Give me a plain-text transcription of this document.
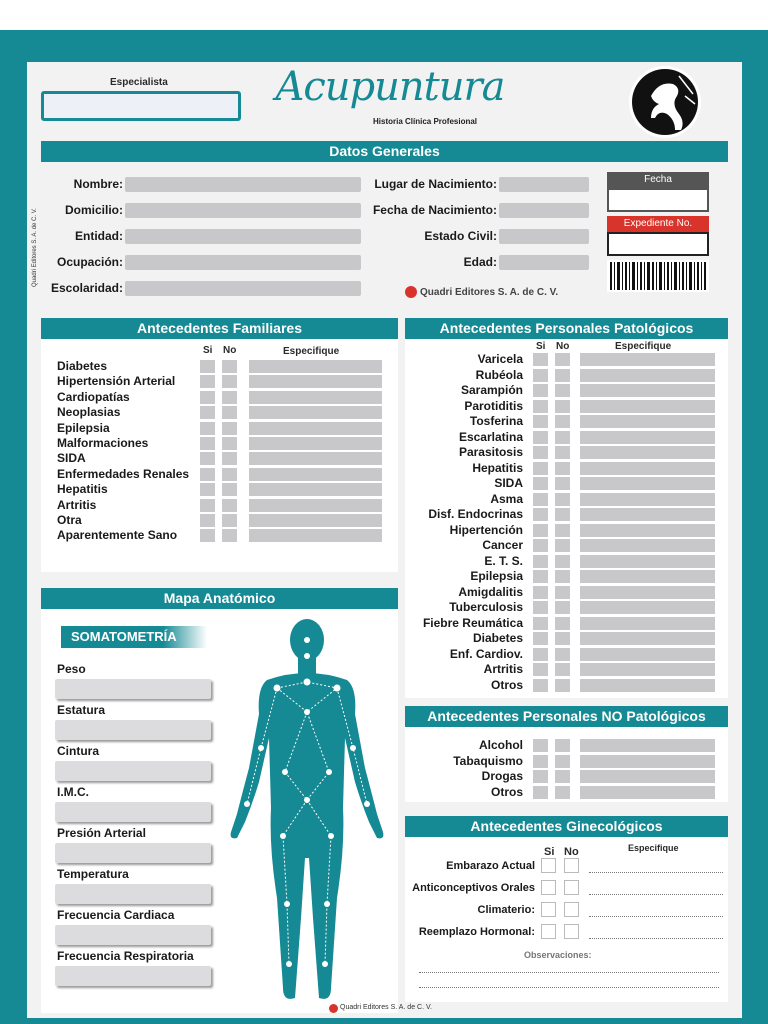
Especialista	Acupuntura
Historia Clínica Profesional
Datos Generales
Quadri Editores S. A. de C. V.
Nombre:
Domicilio:
Entidad:
Ocupación:
Escolaridad:
Lugar de Nacimiento:
Fecha de Nacimiento:
Estado Civil:
Edad:
Fecha
Expediente No.
Quadri Editores S. A. de C. V.
Antecedentes Familiares
Si No	Especifique
Diabetes
Hipertensión Arterial
Cardiopatías
Neoplasias
Epilepsia
Malformaciones
SIDA
Enfermedades Renales
Hepatitis
Artritis
Otra
Aparentemente Sano
Mapa Anatómico
SOMATOMETRÍA
Peso
Estatura
Cintura
I.M.C.
Presión Arterial
Temperatura
Frecuencia Cardiaca
Frecuencia Respiratoria
Antecedentes Personales Patológicos
Si No	Especifique
Varicela
Rubéola
Sarampión
Parotiditis
Tosferina
Escarlatina
Parasitosis
Hepatitis
SIDA
Asma
Disf. Endocrinas
Hipertención
Cancer
E. T. S.
Epilepsia
Amigdalitis
Tuberculosis
Fiebre Reumática
Diabetes
Enf. Cardiov.
Artritis
Otros
Antecedentes Personales NO Patológicos
Alcohol
Tabaquismo
Drogas
Otros
Antecedentes Ginecológicos
Si No	Especifique
Embarazo Actual
Anticonceptivos Orales
Climaterio:
Reemplazo Hormonal:
Observaciones:
Quadri Editores S. A. de C. V.
